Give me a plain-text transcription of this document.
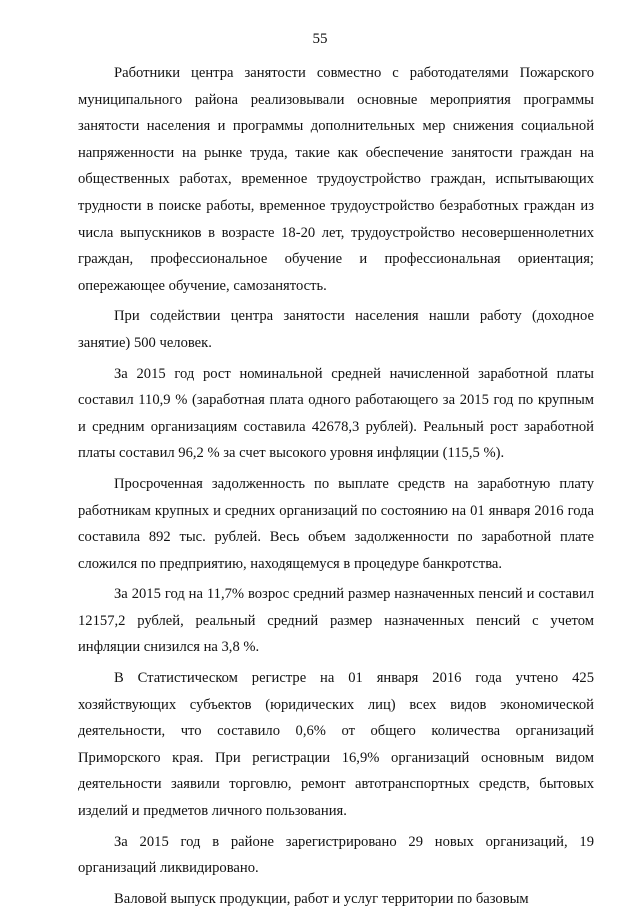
55

Работники центра занятости совместно с работодателями Пожарского муниципального района реализовывали основные мероприятия программы занятости населения и программы дополнительных мер снижения социальной напряженности на рынке труда, такие как обеспечение занятости граждан на общественных работах, временное трудоустройство граждан, испытывающих трудности в поиске работы, временное трудоустройство безработных граждан из числа выпускников в возрасте 18-20 лет, трудоустройство несовершеннолетних граждан, профессиональное обучение и профессиональная ориентация; опережающее обучение, самозанятость.

При содействии центра занятости населения нашли работу (доходное занятие) 500 человек.

За 2015 год рост номинальной средней начисленной заработной платы составил 110,9 % (заработная плата одного работающего за 2015 год по крупным и средним организациям составила 42678,3 рублей). Реальный рост заработной платы составил 96,2 % за счет высокого уровня инфляции (115,5 %).

Просроченная задолженность по выплате средств на заработную плату работникам крупных и средних организаций по состоянию на 01 января 2016 года составила 892 тыс. рублей. Весь объем задолженности по заработной плате сложился по предприятию, находящемуся в процедуре банкротства.

За 2015 год на 11,7% возрос средний размер назначенных пенсий и составил 12157,2 рублей, реальный средний размер назначенных пенсий с учетом инфляции снизился на 3,8 %.

В Статистическом регистре на 01 января 2016 года учтено 425 хозяйствующих субъектов (юридических лиц) всех видов экономической деятельности, что составило 0,6% от общего количества организаций Приморского края. При регистрации 16,9% организаций основным видом деятельности заявили торговлю, ремонт автотранспортных средств, бытовых изделий и предметов личного пользования.

За 2015 год в районе зарегистрировано 29 новых организаций, 19 организаций ликвидировано.

Валовой выпуск продукции, работ и услуг территории по базовым
